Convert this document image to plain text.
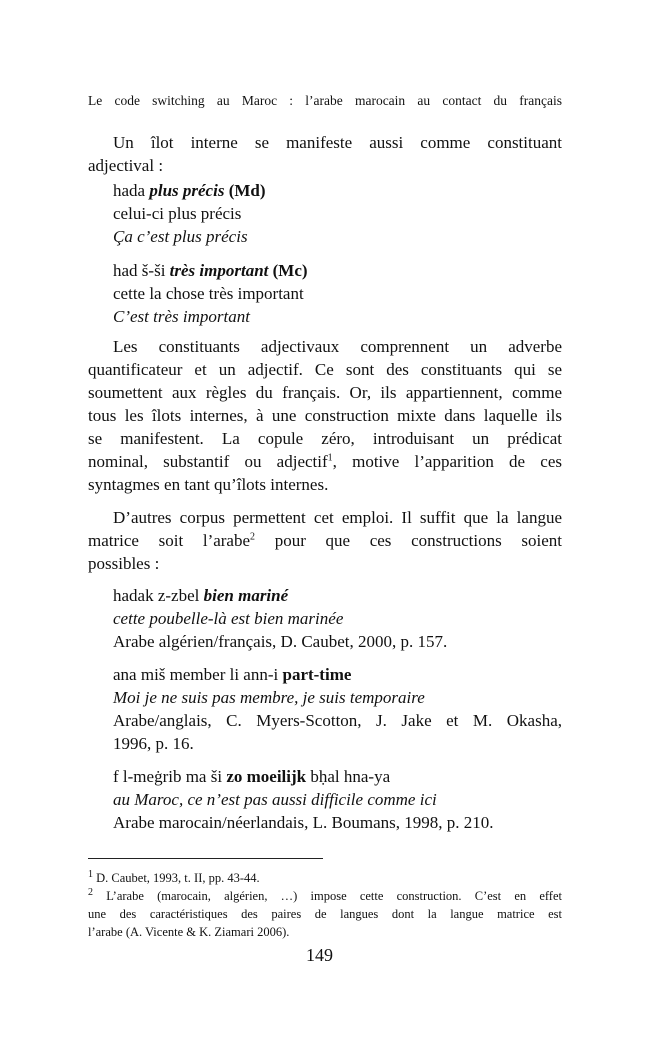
Le code switching au Maroc : l’arabe marocain au contact du français
Un îlot interne se manifeste aussi comme constituant
adjectival :
hada plus précis (Md)
celui-ci plus précis
Ça c’est plus précis
had š-ši très important (Mc)
cette la chose très important
C’est très important
Les constituants adjectivaux comprennent un adverbe
quantificateur et un adjectif. Ce sont des constituants qui se
soumettent aux règles du français. Or, ils appartiennent, comme
tous les îlots internes, à une construction mixte dans laquelle ils
se manifestent. La copule zéro, introduisant un prédicat
nominal, substantif ou adjectif$^1$, motive l’apparition de ces
syntagmes en tant qu’îlots internes.
D’autres corpus permettent cet emploi. Il suffit que la langue
matrice soit l’arabe$^2$ pour que ces constructions soient
possibles :
hadak z-zbel bien mariné
cette poubelle-là est bien marinée
Arabe algérien/français, D. Caubet, 2000, p. 157.
ana miš member li ann-i part-time
Moi je ne suis pas membre, je suis temporaire
Arabe/anglais, C. Myers-Scotton, J. Jake et M. Okasha,
1996, p. 16.
f l-meġrib ma ši zo moeilijk bḥal hna-ya
au Maroc, ce n’est pas aussi difficile comme ici
Arabe marocain/néerlandais, L. Boumans, 1998, p. 210.
$^1$ D. Caubet, 1993, t. II, pp. 43-44.
$^2$ L’arabe (marocain, algérien, …) impose cette construction. C’est en effet
une des caractéristiques des paires de langues dont la langue matrice est
l’arabe (A. Vicente & K. Ziamari 2006).
149
